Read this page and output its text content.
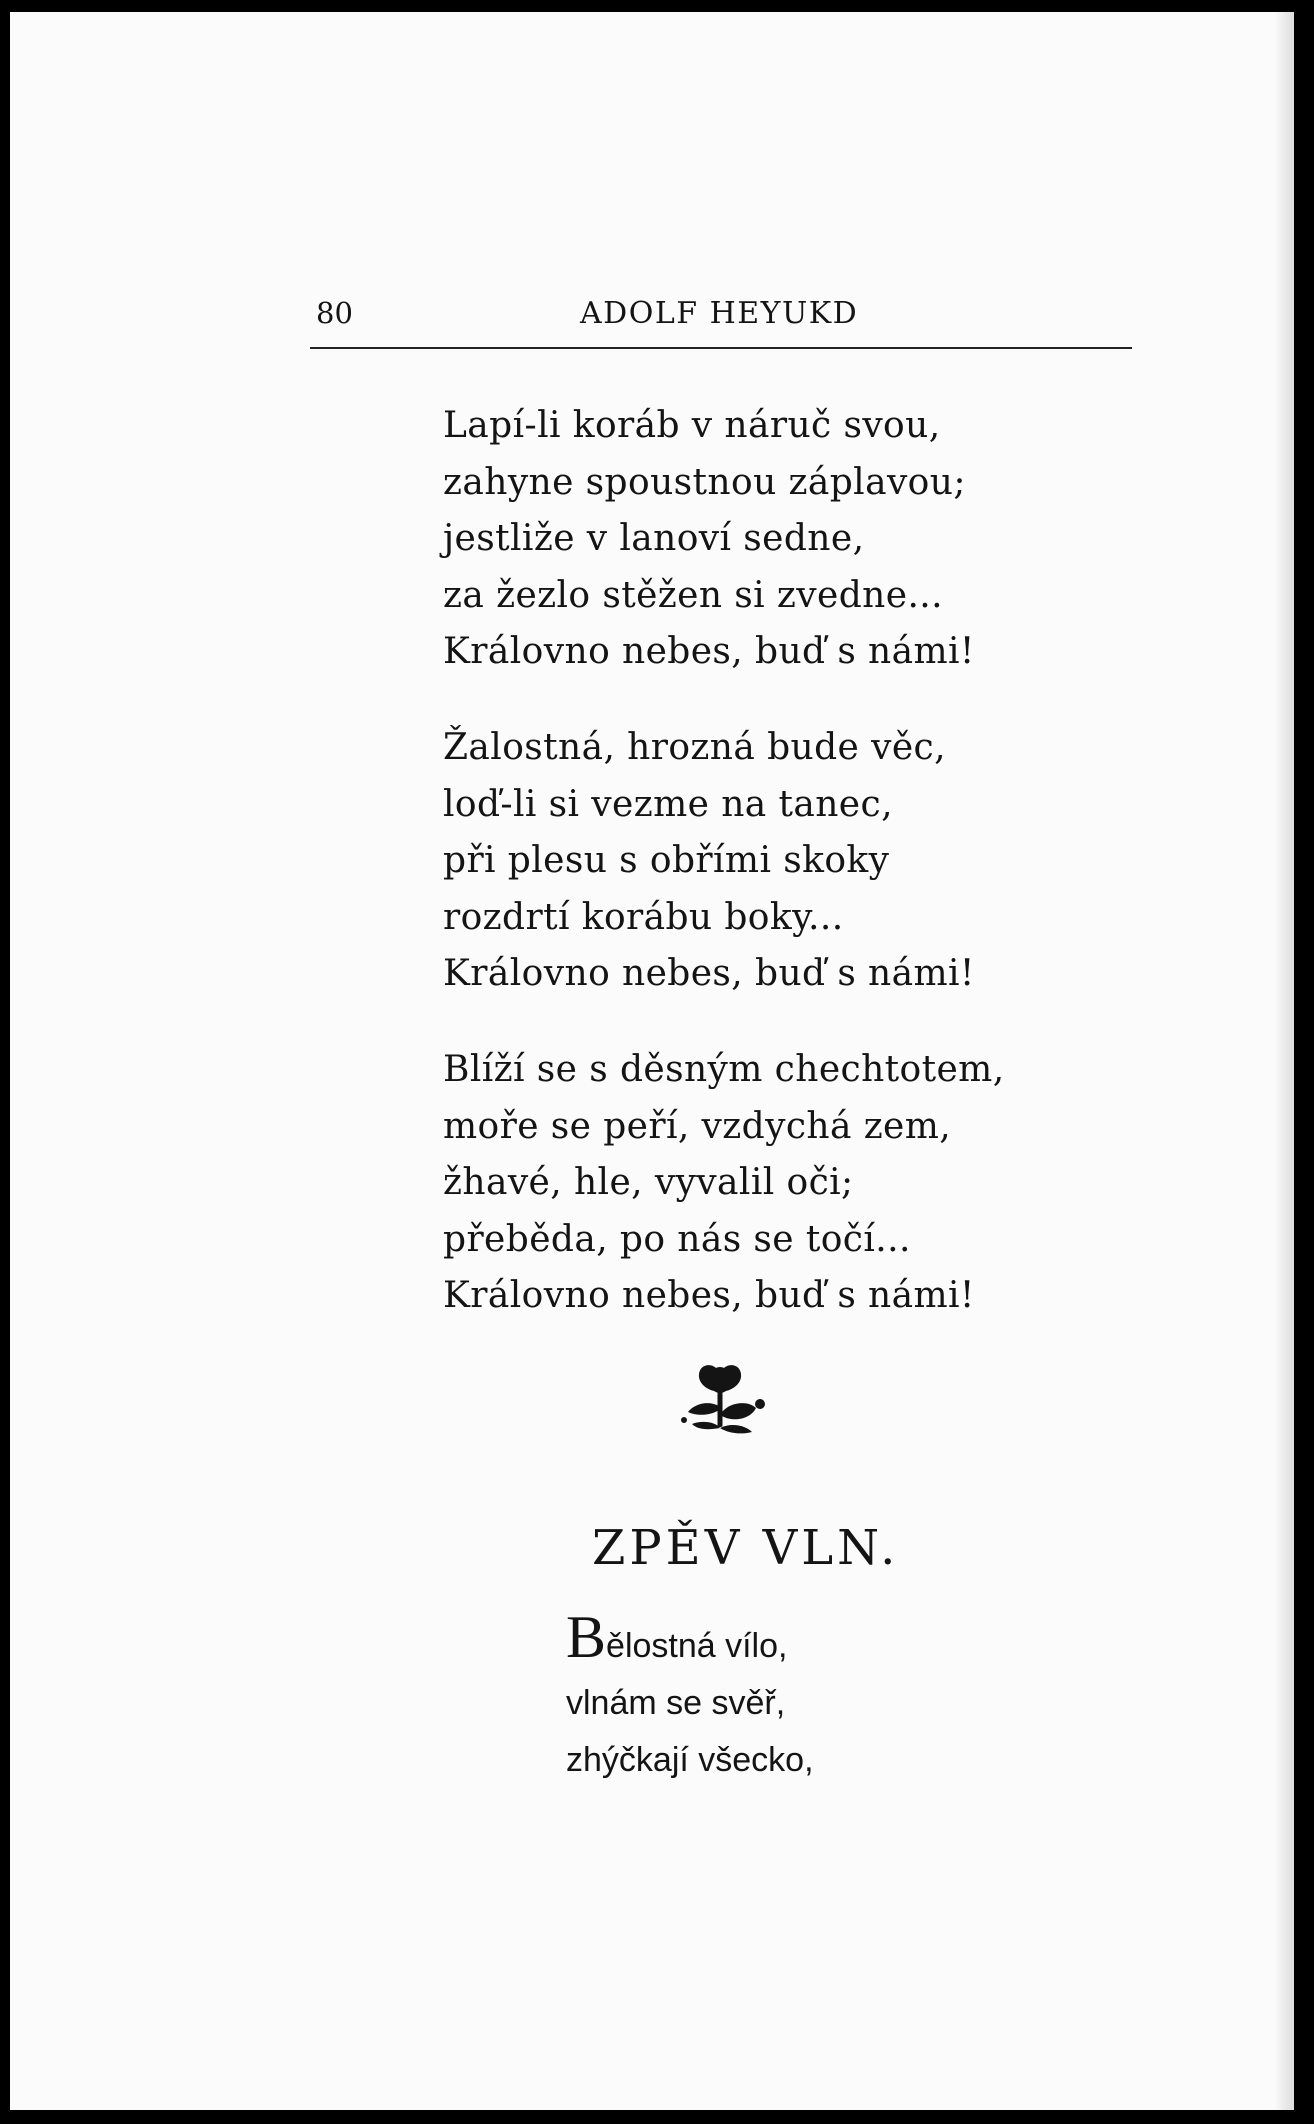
80	ADOLF HEYUKD
Lapí-li koráb v náruč svou,
zahyne spoustnou záplavou;
jestliže v lanoví sedne,
za žezlo stěžen si zvedne...
Královno nebes, buď s námi!
Žalostná, hrozná bude věc,
loď-li si vezme na tanec,
při plesu s obřími skoky
rozdrtí korábu boky...
Královno nebes, buď s námi!
Blíží se s děsným chechtotem,
moře se peří, vzdychá zem,
žhavé, hle, vyvalil oči;
přeběda, po nás se točí...
Královno nebes, buď s námi!
ZPĚV VLN.
Bělostná vílo,
vlnám se svěř,
zhýčkají všecko,
